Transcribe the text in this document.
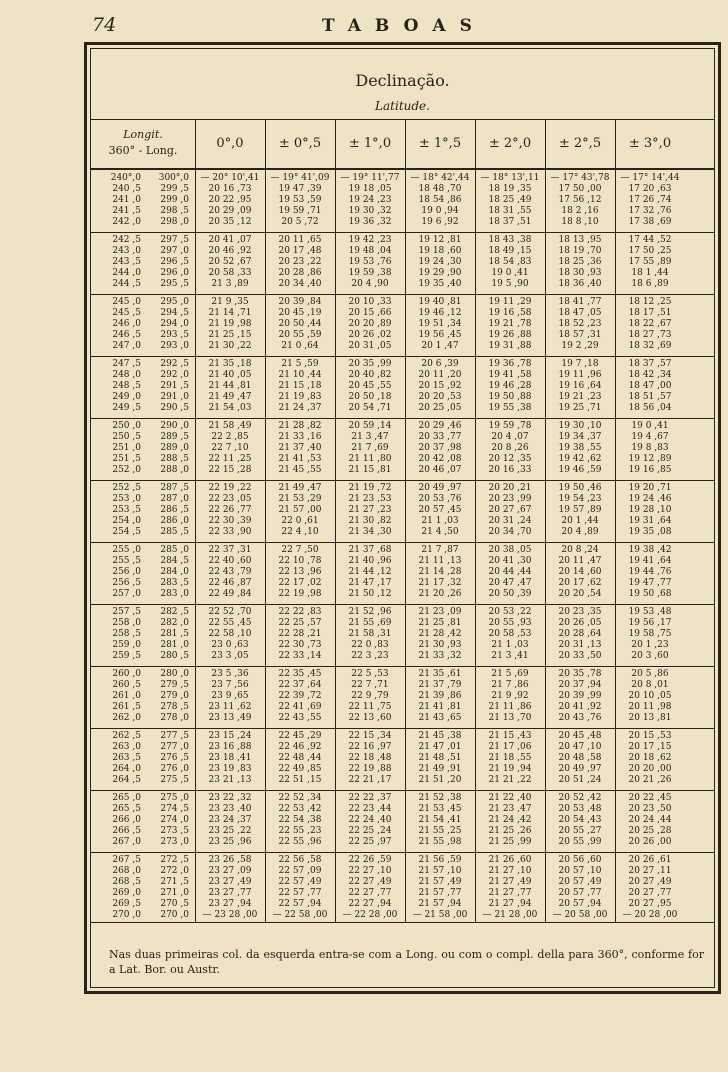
74	TABOAS
Declinação.
Latitude.
Longit.
360° - Long.	0°,0	± 0°,5	± 1°,0	± 1°,5	± 2°,0	± 2°,5	± 3°,0
240°,0	300°,0 — 20° 10',41 — 19° 41',09 — 19° 11',77 — 18° 42',44 — 18° 13',11 — 17° 43',78 — 17° 14',44
240 ,5	299 ,5	20 16 ,73	19 47 ,39	19 18 ,05	18 48 ,70	18 19 ,35	17 50 ,00	17 20 ,63
241 ,0	299 ,0	20 22 ,95	19 53 ,59	19 24 ,23	18 54 ,86	18 25 ,49	17 56 ,12	17 26 ,74
241 ,5	298 ,5	20 29 ,09	19 59 ,71	19 30 ,32	19 0 ,94	18 31 ,55	18 2 ,16	17 32 ,76
242 ,0	298 ,0	20 35 ,12	20 5 ,72	19 36 ,32	19 6 ,92	18 37 ,51	18 8 ,10	17 38 ,69
242 ,5	297 ,5	20 41 ,07	20 11 ,65	19 42 ,23	19 12 ,81	18 43 ,38	18 13 ,95	17 44 ,52
243 ,0	297 ,0	20 46 ,92	20 17 ,48	19 48 ,04	19 18 ,60	18 49 ,15	18 19 ,70	17 50 ,25
243 ,5	296 ,5	20 52 ,67	20 23 ,22	19 53 ,76	19 24 ,30	18 54 ,83	18 25 ,36	17 55 ,89
244 ,0	296 ,0	20 58 ,33	20 28 ,86	19 59 ,38	19 29 ,90	19 0 ,41	18 30 ,93	18 1 ,44
244 ,5	295 ,5	21 3 ,89	20 34 ,40	20 4 ,90	19 35 ,40	19 5 ,90	18 36 ,40	18 6 ,89
245 ,0	295 ,0	21 9 ,35	20 39 ,84	20 10 ,33	19 40 ,81	19 11 ,29	18 41 ,77	18 12 ,25
245 ,5	294 ,5	21 14 ,71	20 45 ,19	20 15 ,66	19 46 ,12	19 16 ,58	18 47 ,05	18 17 ,51
246 ,0	294 ,0	21 19 ,98	20 50 ,44	20 20 ,89	19 51 ,34	19 21 ,78	18 52 ,23	18 22 ,67
246 ,5	293 ,5	21 25 ,15	20 55 ,59	20 26 ,02	19 56 ,45	19 26 ,88	18 57 ,31	18 27 ,73
247 ,0	293 ,0	21 30 ,22	21 0 ,64	20 31 ,05	20 1 ,47	19 31 ,88	19 2 ,29	18 32 ,69
247 ,5	292 ,5	21 35 ,18	21 5 ,59	20 35 ,99	20 6 ,39	19 36 ,78	19 7 ,18	18 37 ,57
248 ,0	292 ,0	21 40 ,05	21 10 ,44	20 40 ,82	20 11 ,20	19 41 ,58	19 11 ,96	18 42 ,34
248 ,5	291 ,5	21 44 ,81	21 15 ,18	20 45 ,55	20 15 ,92	19 46 ,28	19 16 ,64	18 47 ,00
249 ,0	291 ,0	21 49 ,47	21 19 ,83	20 50 ,18	20 20 ,53	19 50 ,88	19 21 ,23	18 51 ,57
249 ,5	290 ,5	21 54 ,03	21 24 ,37	20 54 ,71	20 25 ,05	19 55 ,38	19 25 ,71	18 56 ,04
250 ,0	290 ,0	21 58 ,49	21 28 ,82	20 59 ,14	20 29 ,46	19 59 ,78	19 30 ,10	19 0 ,41
250 ,5	289 ,5	22 2 ,85	21 33 ,16	21 3 ,47	20 33 ,77	20 4 ,07	19 34 ,37	19 4 ,67
251 ,0	289 ,0	22 7 ,10	21 37 ,40	21 7 ,69	20 37 ,98	20 8 ,26	19 38 ,55	19 8 ,83
251 ,5	288 ,5	22 11 ,25	21 41 ,53	21 11 ,80	20 42 ,08	20 12 ,35	19 42 ,62	19 12 ,89
252 ,0	288 ,0	22 15 ,28	21 45 ,55	21 15 ,81	20 46 ,07	20 16 ,33	19 46 ,59	19 16 ,85
252 ,5	287 ,5	22 19 ,22	21 49 ,47	21 19 ,72	20 49 ,97	20 20 ,21	19 50 ,46	19 20 ,71
253 ,0	287 ,0	22 23 ,05	21 53 ,29	21 23 ,53	20 53 ,76	20 23 ,99	19 54 ,23	19 24 ,46
253 ,5	286 ,5	22 26 ,77	21 57 ,00	21 27 ,23	20 57 ,45	20 27 ,67	19 57 ,89	19 28 ,10
254 ,0	286 ,0	22 30 ,39	22 0 ,61	21 30 ,82	21 1 ,03	20 31 ,24	20 1 ,44	19 31 ,64
254 ,5	285 ,5	22 33 ,90	22 4 ,10	21 34 ,30	21 4 ,50	20 34 ,70	20 4 ,89	19 35 ,08
255 ,0	285 ,0	22 37 ,31	22 7 ,50	21 37 ,68	21 7 ,87	20 38 ,05	20 8 ,24	19 38 ,42
255 ,5	284 ,5	22 40 ,60	22 10 ,78	21 40 ,96	21 11 ,13	20 41 ,30	20 11 ,47	19 41 ,64
256 ,0	284 ,0	22 43 ,79	22 13 ,96	21 44 ,12	21 14 ,28	20 44 ,44	20 14 ,60	19 44 ,76
256 ,5	283 ,5	22 46 ,87	22 17 ,02	21 47 ,17	21 17 ,32	20 47 ,47	20 17 ,62	19 47 ,77
257 ,0	283 ,0	22 49 ,84	22 19 ,98	21 50 ,12	21 20 ,26	20 50 ,39	20 20 ,54	19 50 ,68
257 ,5	282 ,5	22 52 ,70	22 22 ,83	21 52 ,96	21 23 ,09	20 53 ,22	20 23 ,35	19 53 ,48
258 ,0	282 ,0	22 55 ,45	22 25 ,57	21 55 ,69	21 25 ,81	20 55 ,93	20 26 ,05	19 56 ,17
258 ,5	281 ,5	22 58 ,10	22 28 ,21	21 58 ,31	21 28 ,42	20 58 ,53	20 28 ,64	19 58 ,75
259 ,0	281 ,0	23 0 ,63	22 30 ,73	22 0 ,83	21 30 ,93	21 1 ,03	20 31 ,13	20 1 ,23
259 ,5	280 ,5	23 3 ,05	22 33 ,14	22 3 ,23	21 33 ,32	21 3 ,41	20 33 ,50	20 3 ,60
260 ,0	280 ,0	23 5 ,36	22 35 ,45	22 5 ,53	21 35 ,61	21 5 ,69	20 35 ,78	20 5 ,86
260 ,5	279 ,5	23 7 ,56	22 37 ,64	22 7 ,71	21 37 ,79	21 7 ,86	20 37 ,94	20 8 ,01
261 ,0	279 ,0	23 9 ,65	22 39 ,72	22 9 ,79	21 39 ,86	21 9 ,92	20 39 ,99	20 10 ,05
261 ,5	278 ,5	23 11 ,62	22 41 ,69	22 11 ,75	21 41 ,81	21 11 ,86	20 41 ,92	20 11 ,98
262 ,0	278 ,0	23 13 ,49	22 43 ,55	22 13 ,60	21 43 ,65	21 13 ,70	20 43 ,76	20 13 ,81
262 ,5	277 ,5	23 15 ,24	22 45 ,29	22 15 ,34	21 45 ,38	21 15 ,43	20 45 ,48	20 15 ,53
263 ,0	277 ,0	23 16 ,88	22 46 ,92	22 16 ,97	21 47 ,01	21 17 ,06	20 47 ,10	20 17 ,15
263 ,5	276 ,5	23 18 ,41	22 48 ,44	22 18 ,48	21 48 ,51	21 18 ,55	20 48 ,58	20 18 ,62
264 ,0	276 ,0	23 19 ,83	22 49 ,85	22 19 ,88	21 49 ,91	21 19 ,94	20 49 ,97	20 20 ,00
264 ,5	275 ,5	23 21 ,13	22 51 ,15	22 21 ,17	21 51 ,20	21 21 ,22	20 51 ,24	20 21 ,26
265 ,0	275 ,0	23 22 ,32	22 52 ,34	22 22 ,37	21 52 ,38	21 22 ,40	20 52 ,42	20 22 ,45
265 ,5	274 ,5	23 23 ,40	22 53 ,42	22 23 ,44	21 53 ,45	21 23 ,47	20 53 ,48	20 23 ,50
266 ,0	274 ,0	23 24 ,37	22 54 ,38	22 24 ,40	21 54 ,41	21 24 ,42	20 54 ,43	20 24 ,44
266 ,5	273 ,5	23 25 ,22	22 55 ,23	22 25 ,24	21 55 ,25	21 25 ,26	20 55 ,27	20 25 ,28
267 ,0	273 ,0	23 25 ,96	22 55 ,96	22 25 ,97	21 55 ,98	21 25 ,99	20 55 ,99	20 26 ,00
267 ,5	272 ,5	23 26 ,58	22 56 ,58	22 26 ,59	21 56 ,59	21 26 ,60	20 56 ,60	20 26 ,61
268 ,0	272 ,0	23 27 ,09	22 57 ,09	22 27 ,10	21 57 ,10	21 27 ,10	20 57 ,10	20 27 ,11
268 ,5	271 ,5	23 27 ,49	22 57 ,49	22 27 ,49	21 57 ,49	21 27 ,49	20 57 ,49	20 27 ,49
269 ,0	271 ,0	23 27 ,77	22 57 ,77	22 27 ,77	21 57 ,77	21 27 ,77	20 57 ,77	20 27 ,77
269 ,5	270 ,5	23 27 ,94	22 57 ,94	22 27 ,94	21 57 ,94	21 27 ,94	20 57 ,94	20 27 ,95
270 ,0	270 ,0 — 23 28 ,00 — 22 58 ,00 — 22 28 ,00 — 21 58 ,00 — 21 28 ,00 — 20 58 ,00 — 20 28 ,00
Nas duas primeiras col. da esquerda entra-se com a Long. ou com o compl. della para 360°, conforme for a Lat. Bor. ou Austr.
